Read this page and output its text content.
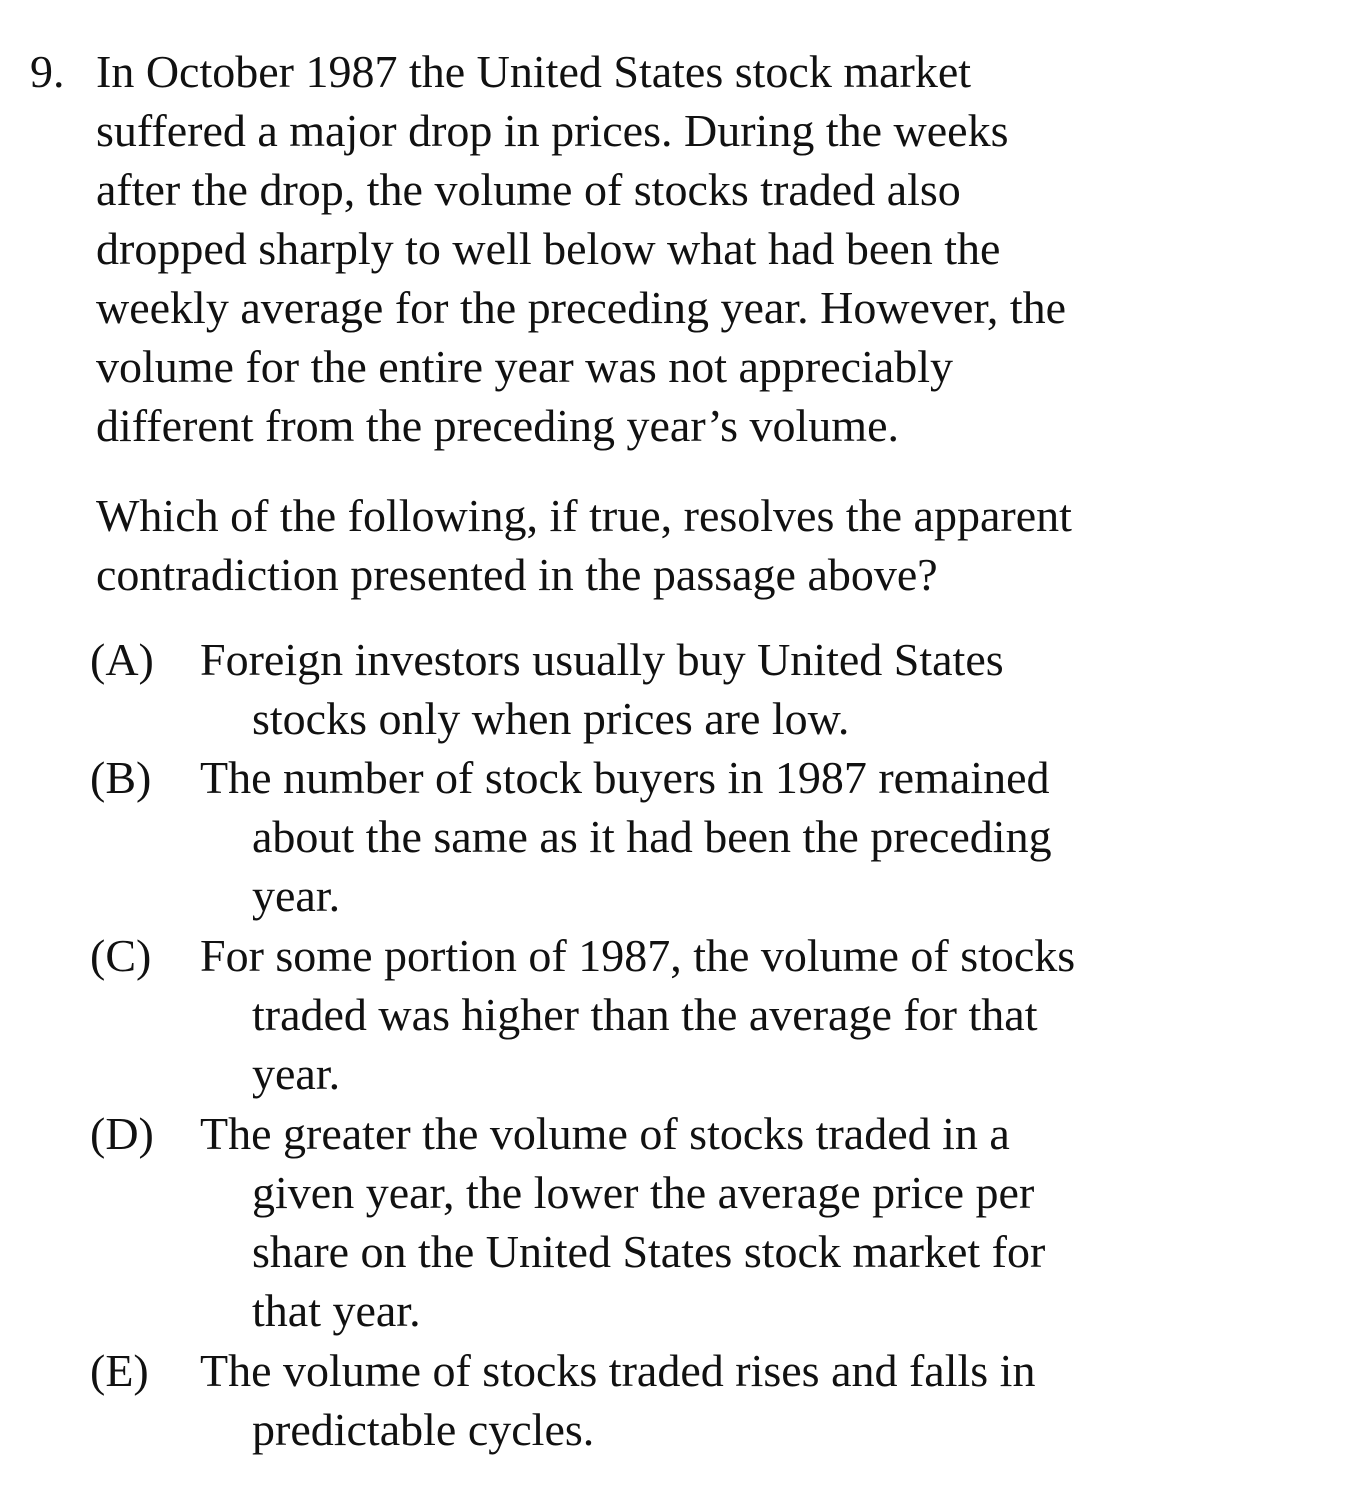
9. In October 1987 the United States stock market
suffered a major drop in prices. During the weeks
after the drop, the volume of stocks traded also
dropped sharply to well below what had been the
weekly average for the preceding year. However, the
volume for the entire year was not appreciably
different from the preceding year’s volume.
Which of the following, if true, resolves the apparent
contradiction presented in the passage above?
(A) Foreign investors usually buy United States
stocks only when prices are low.
(B) The number of stock buyers in 1987 remained
about the same as it had been the preceding
year.
(C) For some portion of 1987, the volume of stocks
traded was higher than the average for that
year.
(D) The greater the volume of stocks traded in a
given year, the lower the average price per
share on the United States stock market for
that year.
(E) The volume of stocks traded rises and falls in
predictable cycles.
